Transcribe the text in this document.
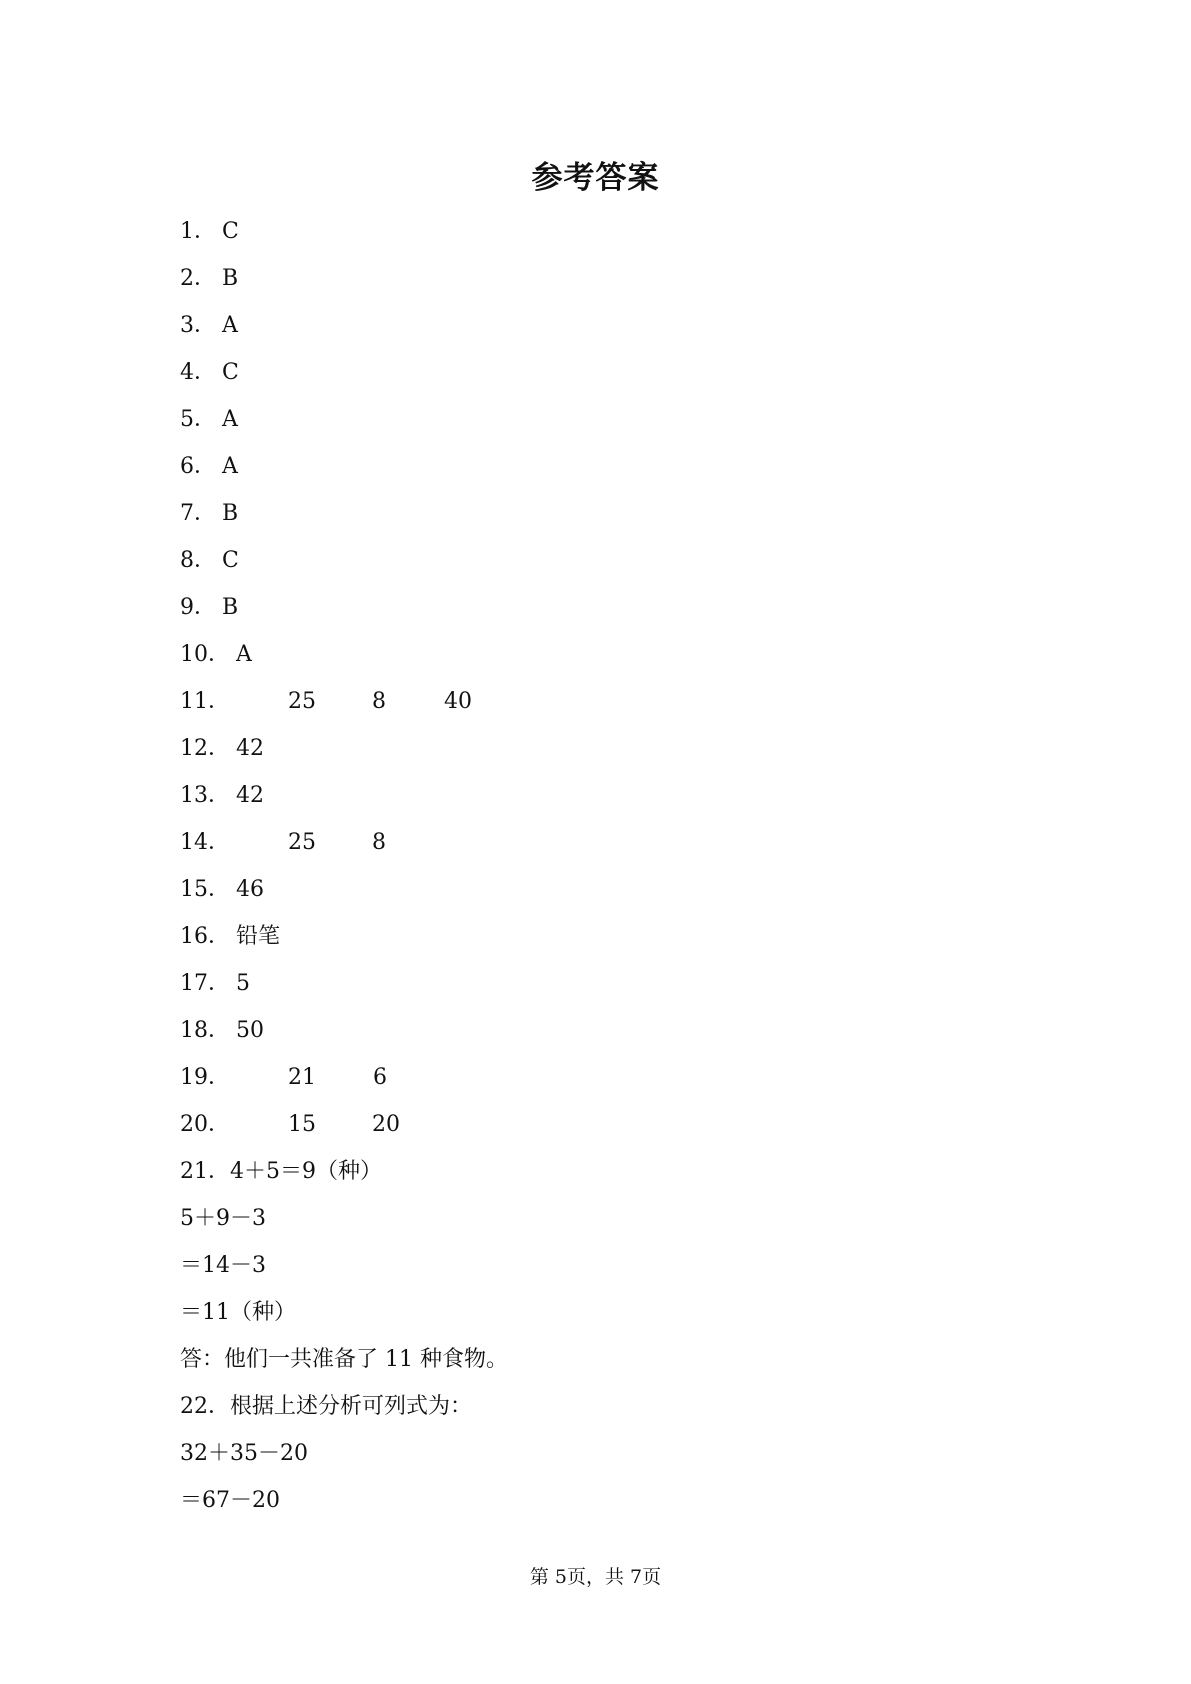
参考答案
1． C
2． B
3． A
4． C
5． A
6． A
7． B
8． C
9． B
10． A
11．	25	8	40
12． 42
13． 42
14．	25	8
15． 46
16． 铅笔
17． 5
18． 50
19．	21	6
20．	15	20
21．4＋5＝9（种）
5＋9－3
＝14－3
＝11（种）
答：他们一共准备了 11 种食物。
22．根据上述分析可列式为：
32＋35－20
＝67－20
第 5页，共 7页
